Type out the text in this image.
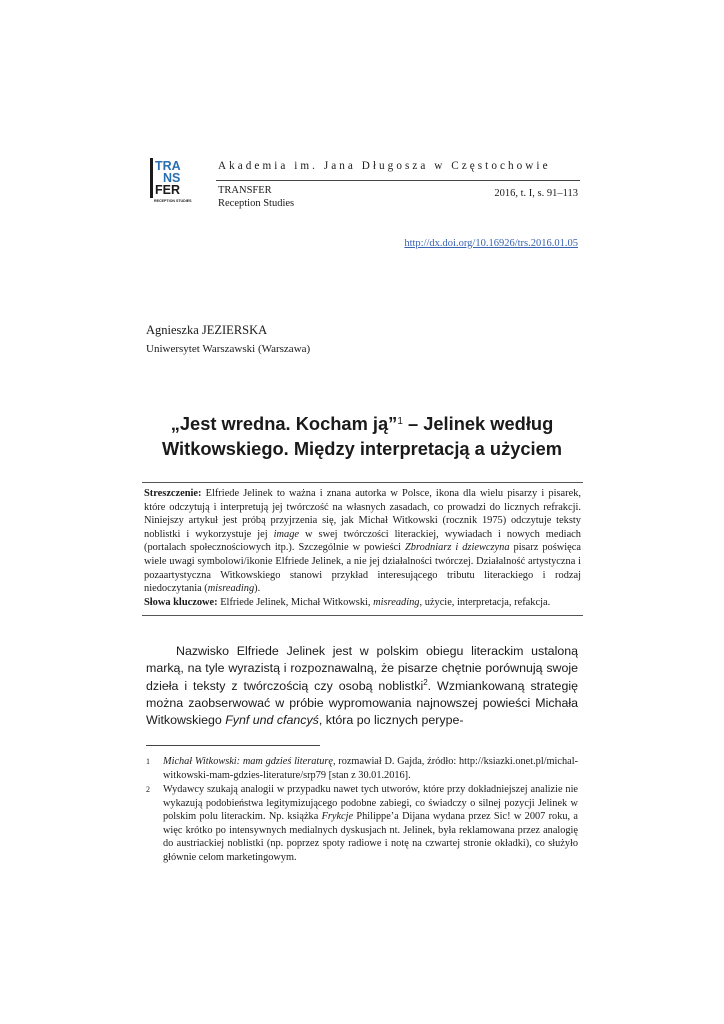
TRA
NS
FER
RECEPTION STUDIES
Akademia im. Jana Długosza w Częstochowie
TRANSFER
Reception Studies
2016, t. I, s. 91–113
http://dx.doi.org/10.16926/trs.2016.01.05
Agnieszka JEZIERSKA
Uniwersytet Warszawski (Warszawa)
„Jest wredna. Kocham ją”$^1$ – Jelinek według Witkowskiego. Między interpretacją a użyciem

Streszczenie: Elfriede Jelinek to ważna i znana autorka w Polsce, ikona dla wielu pisarzy i pisarek, które odczytują i interpretują jej twórczość na własnych zasadach, co prowadzi do licznych refrakcji. Niniejszy artykuł jest próbą przyjrzenia się, jak Michał Witkowski (rocznik 1975) odczytuje teksty noblistki i wykorzystuje jej image w swej twórczości literackiej, wywiadach i nowych mediach (portalach społecznościowych itp.). Szczególnie w powieści Zbrodniarz i dziewczyna pisarz poświęca wiele uwagi symbolowi/ikonie Elfriede Jelinek, a nie jej działalności twórczej. Działalność artystyczna i pozaartystyczna Witkowskiego stanowi przykład interesującego tributu literackiego i rodzaj niedoczytania (misreading).

Słowa kluczowe: Elfriede Jelinek, Michał Witkowski, misreading, użycie, interpretacja, refakcja.

Nazwisko Elfriede Jelinek jest w polskim obiegu literackim ustaloną marką, na tyle wyrazistą i rozpoznawalną, że pisarze chętnie porównują swoje dzieła i teksty z twórczością czy osobą noblistki$^2$. Wzmiankowaną strategię można zaobserwować w próbie wypromowania najnowszej powieści Michała Witkowskiego Fynf und cfancyś, która po licznych perype-

1 Michał Witkowski: mam gdzieś literaturę, rozmawiał D. Gajda, źródło: http://ksiazki.onet.pl/michal-witkowski-mam-gdzies-literature/srp79 [stan z 30.01.2016].
2 Wydawcy szukają analogii w przypadku nawet tych utworów, które przy dokładniejszej analizie nie wykazują podobieństwa legitymizującego podobne zabiegi, co świadczy o silnej pozycji Jelinek w polskim polu literackim. Np. książka Frykcje Philippe’a Dijana wydana przez Sic! w 2007 roku, a więc krótko po intensywnych medialnych dyskusjach nt. Jelinek, była reklamowana przez analogię do austriackiej noblistki (np. poprzez spoty radiowe i notę na czwartej stronie okładki), co służyło głównie celom marketingowym.
